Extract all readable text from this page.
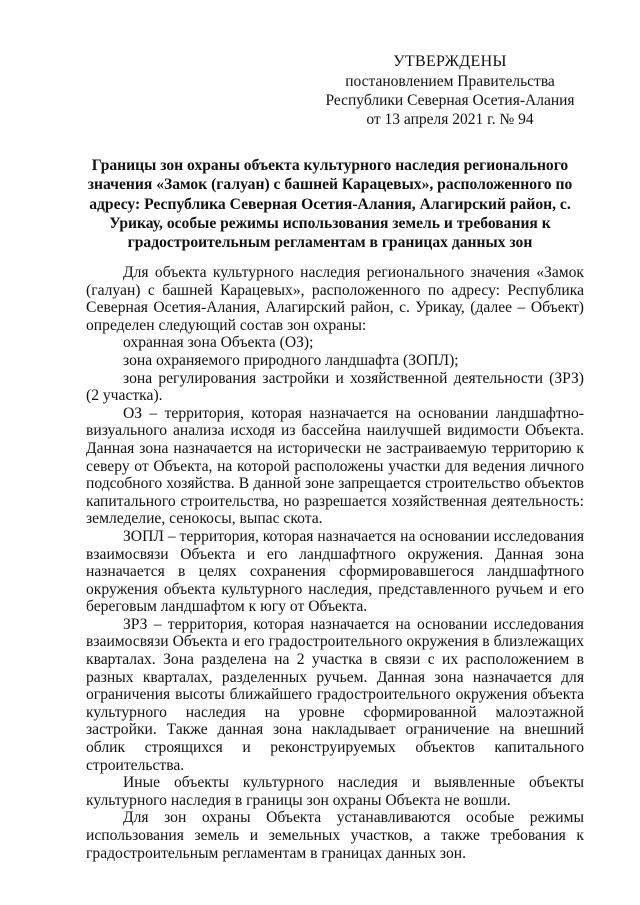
УТВЕРЖДЕНЫ
постановлением Правительства
Республики Северная Осетия-Алания
от 13 апреля 2021 г. № 94
Границы зон охраны объекта культурного наследия регионального значения «Замок (галуан) с башней Карацевых», расположенного по адресу: Республика Северная Осетия-Алания, Алагирский район, с. Урикау, особые режимы использования земель и требования к градостроительным регламентам в границах данных зон

Для объекта культурного наследия регионального значения «Замок (галуан) с башней Карацевых», расположенного по адресу: Республика Северная Осетия-Алания, Алагирский район, с. Урикау, (далее – Объект) определен следующий состав зон охраны:

охранная зона Объекта (ОЗ);

зона охраняемого природного ландшафта (ЗОПЛ);

зона регулирования застройки и хозяйственной деятельности (ЗРЗ) (2 участка).

ОЗ – территория, которая назначается на основании ландшафтно-визуального анализа исходя из бассейна наилучшей видимости Объекта. Данная зона назначается на исторически не застраиваемую территорию к северу от Объекта, на которой расположены участки для ведения личного подсобного хозяйства. В данной зоне запрещается строительство объектов капитального строительства, но разрешается хозяйственная деятельность: земледелие, сенокосы, выпас скота.

ЗОПЛ – территория, которая назначается на основании исследования взаимосвязи Объекта и его ландшафтного окружения. Данная зона назначается в целях сохранения сформировавшегося ландшафтного окружения объекта культурного наследия, представленного ручьем и его береговым ландшафтом к югу от Объекта.

ЗРЗ – территория, которая назначается на основании исследования взаимосвязи Объекта и его градостроительного окружения в близлежащих кварталах. Зона разделена на 2 участка в связи с их расположением в разных кварталах, разделенных ручьем. Данная зона назначается для ограничения высоты ближайшего градостроительного окружения объекта культурного наследия на уровне сформированной малоэтажной застройки. Также данная зона накладывает ограничение на внешний облик строящихся и реконструируемых объектов капитального строительства.

Иные объекты культурного наследия и выявленные объекты культурного наследия в границы зон охраны Объекта не вошли.

Для зон охраны Объекта устанавливаются особые режимы использования земель и земельных участков, а также требования к градостроительным регламентам в границах данных зон.
